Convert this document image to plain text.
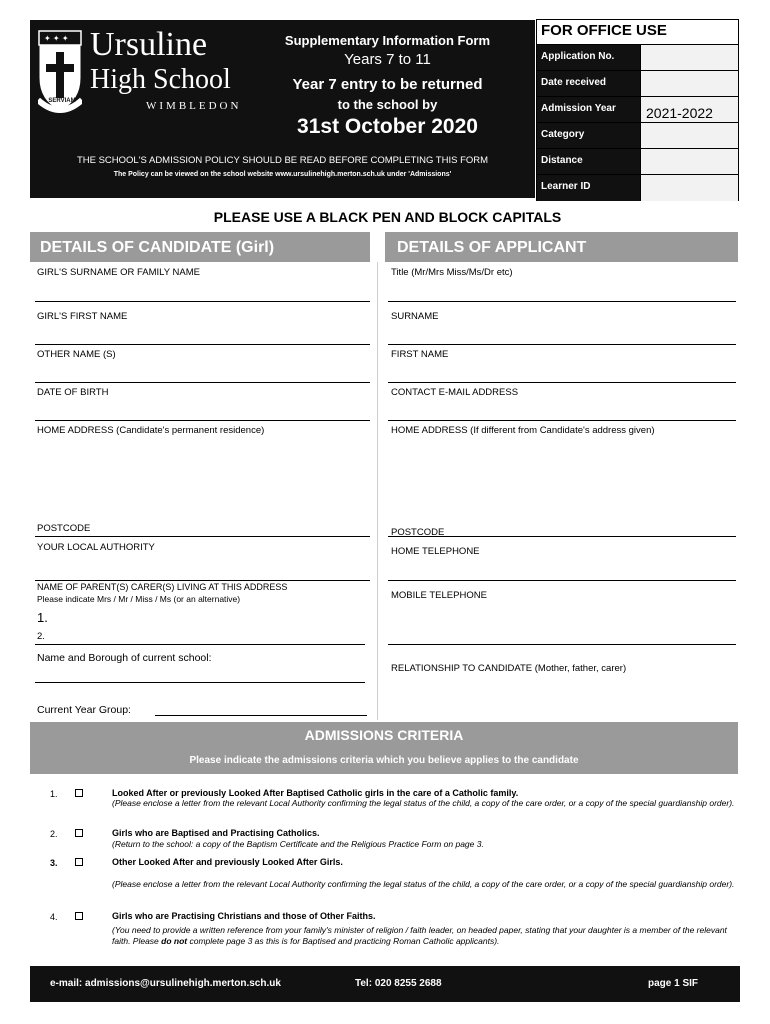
✦ ✦ ✦
SERVIAM
Ursuline
High School
WIMBLEDON
Supplementary Information Form
Years 7 to 11
Year 7 entry to be returned
to the school by
31st October 2020
THE SCHOOL'S ADMISSION POLICY SHOULD BE READ BEFORE COMPLETING THIS FORM
The Policy can be viewed on the school website www.ursulinehigh.merton.sch.uk under 'Admissions'
FOR OFFICE USE
Application No.
Date received
Admission Year	2021-2022
Category
Distance
Learner ID
PLEASE USE A BLACK PEN AND BLOCK CAPITALS
DETAILS OF CANDIDATE (Girl)	DETAILS OF APPLICANT
GIRL'S SURNAME OR FAMILY NAME
GIRL'S FIRST NAME
OTHER NAME (S)
DATE OF BIRTH
HOME ADDRESS (Candidate's permanent residence)
POSTCODE
YOUR LOCAL AUTHORITY
NAME OF PARENT(S) CARER(S) LIVING AT THIS ADDRESS
Please indicate Mrs / Mr / Miss / Ms (or an alternative)
1.
2.
Name and Borough of current school:
Current Year Group:
Title (Mr/Mrs Miss/Ms/Dr etc)
SURNAME
FIRST NAME
CONTACT E-MAIL ADDRESS
HOME ADDRESS (If different from Candidate's address given)
POSTCODE
HOME TELEPHONE
MOBILE TELEPHONE
RELATIONSHIP TO CANDIDATE (Mother, father, carer)
ADMISSIONS CRITERIA
Please indicate the admissions criteria which you believe applies to the candidate
1.	Looked After or previously Looked After Baptised Catholic girls in the care of a Catholic family.
(Please enclose a letter from the relevant Local Authority confirming the legal status of the child, a copy of the care order, or a copy of the special guardianship order).
2.	Girls who are Baptised and Practising Catholics.
(Return to the school: a copy of the Baptism Certificate and the Religious Practice Form on page 3.
3.	Other Looked After and previously Looked After Girls.
(Please enclose a letter from the relevant Local Authority confirming the legal status of the child, a copy of the care order, or a copy of the special guardianship order).
4.	Girls who are Practising Christians and those of Other Faiths.
(You need to provide a written reference from your family's minister of religion / faith leader, on headed paper, stating that your daughter is a member of the relevant faith. Please do not complete page 3 as this is for Baptised and practicing Roman Catholic applicants).
e-mail: admissions@ursulinehigh.merton.sch.uk	Tel: 020 8255 2688	page 1 SIF
